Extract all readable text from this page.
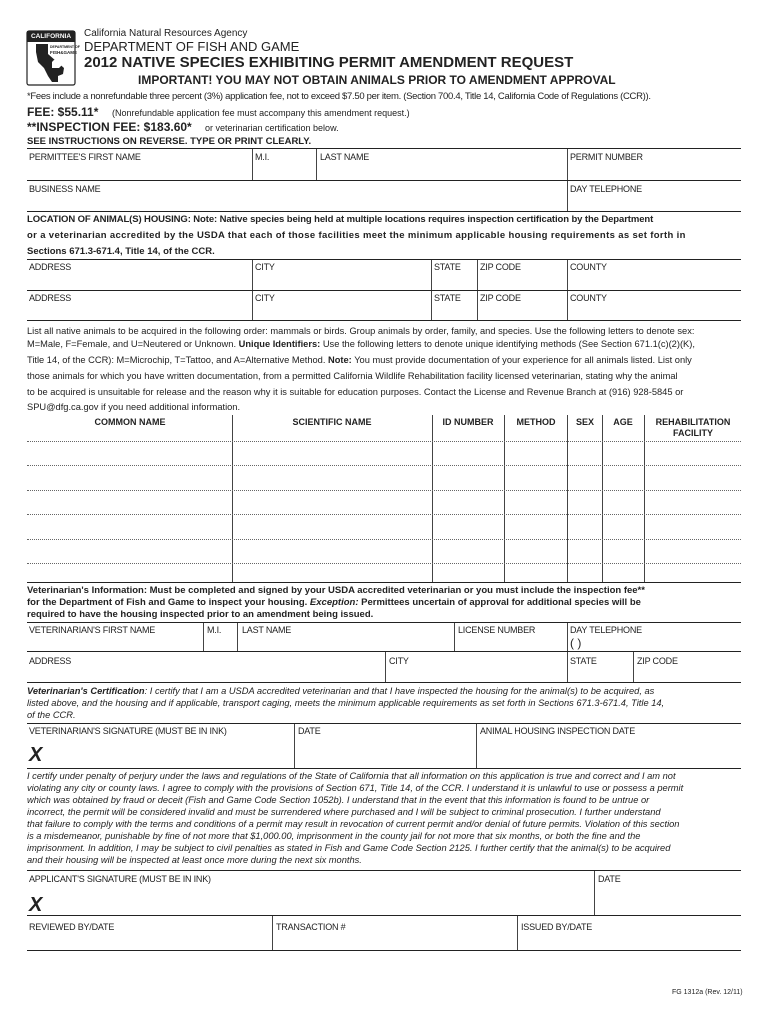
CALIFORNIA
DEPARTMENT OF
FISH&GAME
California Natural Resources Agency
DEPARTMENT OF FISH AND GAME
2012 NATIVE SPECIES EXHIBITING PERMIT AMENDMENT REQUEST
IMPORTANT! YOU MAY NOT OBTAIN ANIMALS PRIOR TO AMENDMENT APPROVAL
*Fees include a nonrefundable three percent (3%) application fee, not to exceed $7.50 per item. (Section 700.4, Title 14, California Code of Regulations (CCR)).
FEE: $55.11* (Nonrefundable application fee must accompany this amendment request.)
**INSPECTION FEE: $183.60* or veterinarian certification below.
SEE INSTRUCTIONS ON REVERSE. TYPE OR PRINT CLEARLY.
PERMITTEE'S FIRST NAME	M.I.	LAST NAME	PERMIT NUMBER
BUSINESS NAME	DAY TELEPHONE
LOCATION OF ANIMAL(S) HOUSING: Note: Native species being held at multiple locations requires inspection certification by the Department
or a veterinarian accredited by the USDA that each of those facilities meet the minimum applicable housing requirements as set forth in
Sections 671.3-671.4, Title 14, of the CCR.
ADDRESS	CITY	STATE ZIP CODE	COUNTY
ADDRESS	CITY	STATE ZIP CODE	COUNTY
List all native animals to be acquired in the following order: mammals or birds. Group animals by order, family, and species. Use the following letters to denote sex:
M=Male, F=Female, and U=Neutered or Unknown. Unique Identifiers: Use the following letters to denote unique identifying methods (See Section 671.1(c)(2)(K),
Title 14, of the CCR): M=Microchip, T=Tattoo, and A=Alternative Method. Note: You must provide documentation of your experience for all animals listed. List only
those animals for which you have written documentation, from a permitted California Wildlife Rehabilitation facility licensed veterinarian, stating why the animal
to be acquired is unsuitable for release and the reason why it is suitable for education purposes. Contact the License and Revenue Branch at (916) 928-5845 or
SPU@dfg.ca.gov if you need additional information.
COMMON NAME	SCIENTIFIC NAME	ID NUMBER	METHOD	SEX	AGE	REHABILITATION
FACILITY
Veterinarian's Information: Must be completed and signed by your USDA accredited veterinarian or you must include the inspection fee**
for the Department of Fish and Game to inspect your housing. Exception: Permittees uncertain of approval for additional species will be
required to have the housing inspected prior to an amendment being issued.
VETERINARIAN'S FIRST NAME	M.I. LAST NAME	LICENSE NUMBER	DAY TELEPHONE
( )
ADDRESS	CITY	STATE	ZIP CODE
Veterinarian's Certification: I certify that I am a USDA accredited veterinarian and that I have inspected the housing for the animal(s) to be acquired, as
listed above, and the housing and if applicable, transport caging, meets the minimum applicable requirements as set forth in Sections 671.3-671.4, Title 14,
of the CCR.
VETERINARIAN'S SIGNATURE (MUST BE IN INK)	DATE	ANIMAL HOUSING INSPECTION DATE
X
I certify under penalty of perjury under the laws and regulations of the State of California that all information on this application is true and correct and I am not
violating any city or county laws. I agree to comply with the provisions of Section 671, Title 14, of the CCR. I understand it is unlawful to use or possess a permit
which was obtained by fraud or deceit (Fish and Game Code Section 1052b). I understand that in the event that this information is found to be untrue or
incorrect, the permit will be considered invalid and must be surrendered where purchased and I will be subject to criminal prosecution. I further understand
that failure to comply with the terms and conditions of a permit may result in revocation of current permit and/or denial of future permits. Violation of this section
is a misdemeanor, punishable by fine of not more that $1,000.00, imprisonment in the county jail for not more that six months, or both the fine and the
imprisonment. In addition, I may be subject to civil penalties as stated in Fish and Game Code Section 2125. I further certify that the animal(s) to be acquired
and their housing will be inspected at least once more during the next six months.
APPLICANT'S SIGNATURE (MUST BE IN INK)	DATE
X
REVIEWED BY/DATE	TRANSACTION #	ISSUED BY/DATE
FG 1312a (Rev. 12/11)
